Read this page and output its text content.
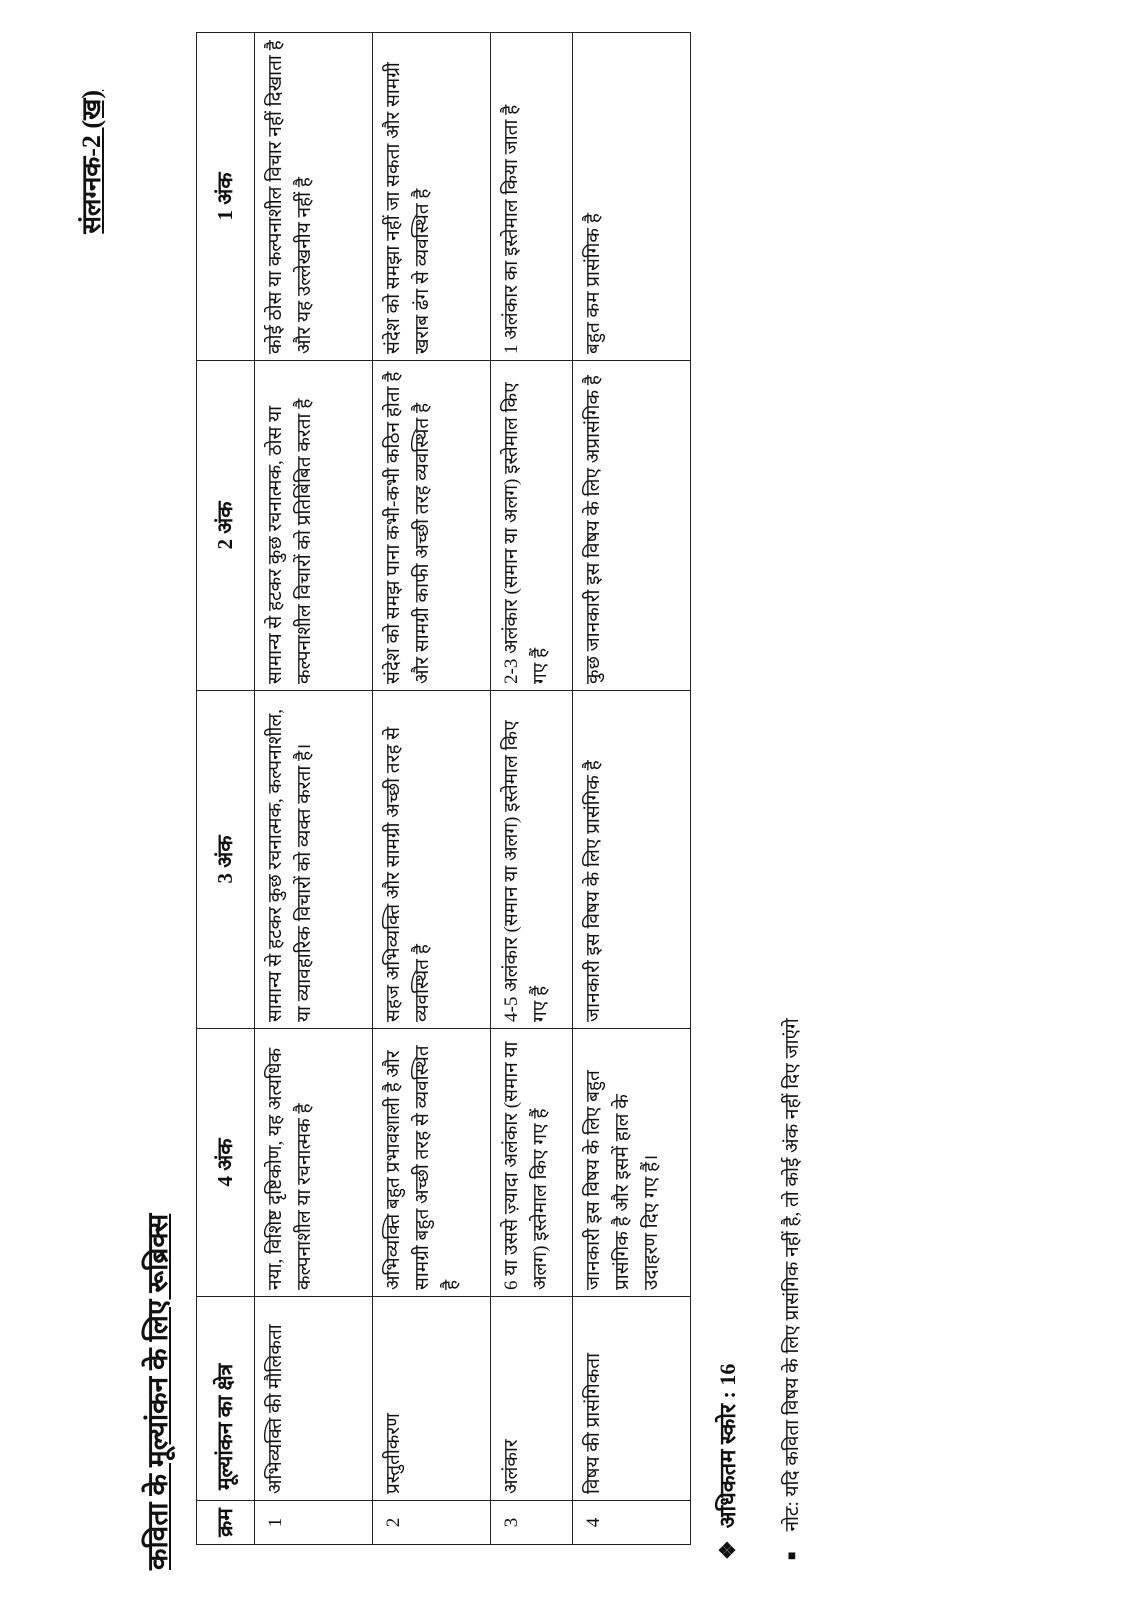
संलग्नक-2 (ख)
कविता के मूल्यांकन के लिए रूब्रिक्स क्रम	मूल्यांकन का क्षेत्र	4 अंक	3 अंक	2 अंक	1 अंक
1	अभिव्यक्ति की मौलिकता	नया, विशिष्ट दृष्टिकोण, यह अत्यधिक कल्पनाशील या रचनात्मक है	सामान्य से हटकर कुछ रचनात्मक, कल्पनाशील, या व्यावहारिक विचारों को व्यक्त करता है।	सामान्य से हटकर कुछ रचनात्मक, ठोस या कल्पनाशील विचारों को प्रतिबिंबित करता है	कोई ठोस या कल्पनाशील विचार नहीं दिखाता है और यह उल्लेखनीय नहीं है
2	प्रस्तुतीकरण	अभिव्यक्ति बहुत प्रभावशाली है और सामग्री बहुत अच्छी तरह से व्यवस्थित है	सहज अभिव्यक्ति और सामग्री अच्छी तरह से व्यवस्थित है	संदेश को समझ पाना कभी-कभी कठिन होता है और सामग्री काफी अच्छी तरह व्यवस्थित है	संदेश को समझा नहीं जा सकता और सामग्री खराब ढंग से व्यवस्थित है
3	अलंकार	6 या उससे ज़्यादा अलंकार (समान या अलग) इस्तेमाल किए गए हैं	4-5 अलंकार (समान या अलग) इस्तेमाल किए गए हैं	2-3 अलंकार (समान या अलग) इस्तेमाल किए गए हैं	1 अलंकार का इस्तेमाल किया जाता है
4	विषय की प्रासंगिकता	जानकारी इस विषय के लिए बहुत प्रासंगिक है और इसमें हाल के उदाहरण दिए गए हैं।	जानकारी इस विषय के लिए प्रासंगिक है	कुछ जानकारी इस विषय के लिए अप्रासंगिक है	बहुत कम प्रासंगिक है
❖अधिकतम स्कोर : 16
■नोट: यदि कविता विषय के लिए प्रासंगिक नहीं है, तो कोई अंक नहीं दिए जाएंगे
